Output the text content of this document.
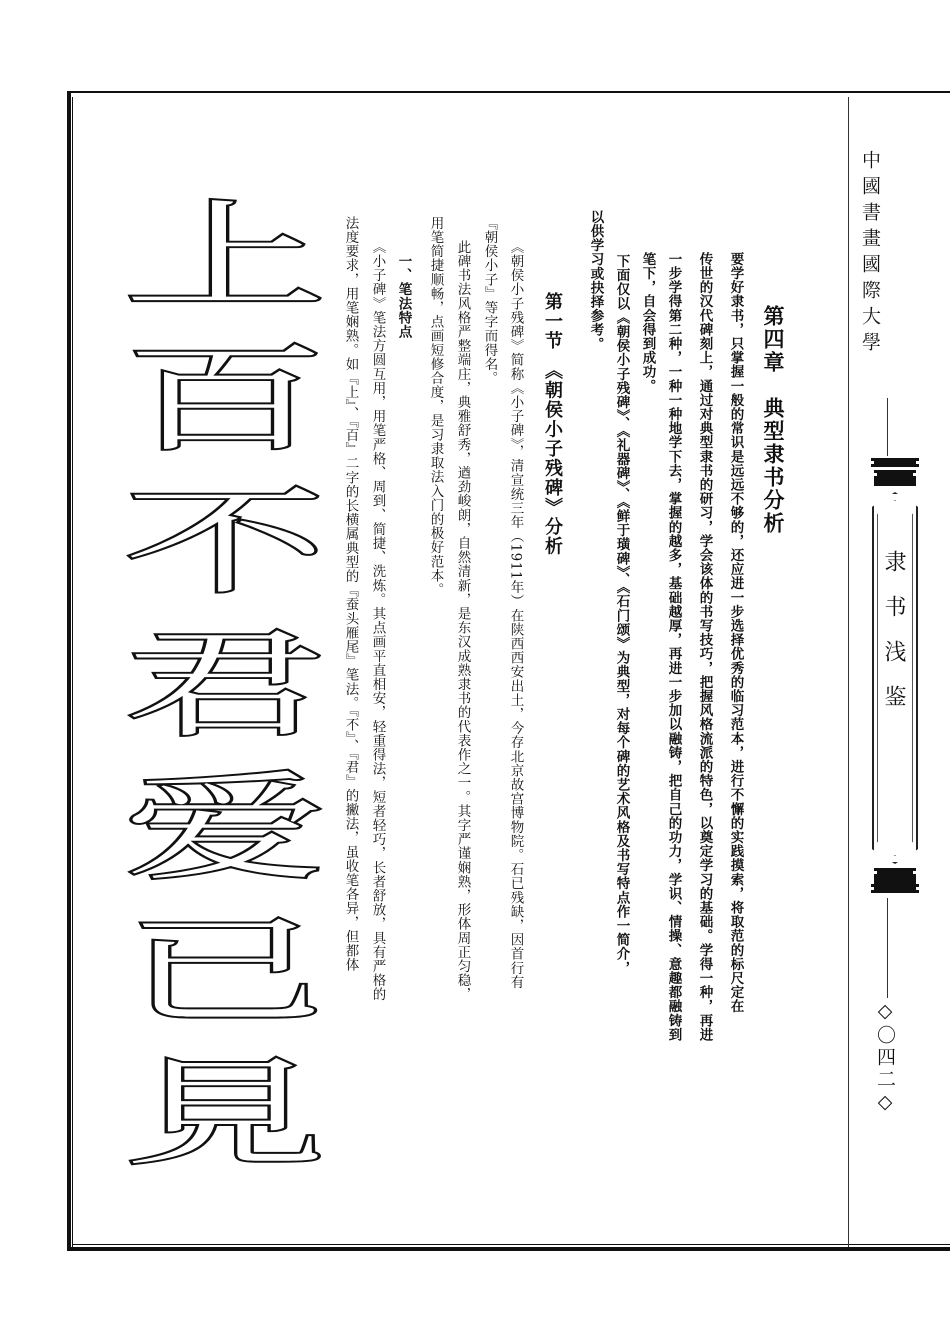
中國書畫國際大學
隶书浅鉴
◇〇四二◇
第四章　典型隶书分析
要学好隶书，只掌握一般的常识是远远不够的，还应进一步选择优秀的临习范本，进行不懈的实践摸索，将取范的标尺定在
传世的汉代碑刻上，通过对典型隶书的研习，学会该体的书写技巧，把握风格流派的特色，以奠定学习的基础。学得一种，再进
一步学得第二种，一种一种地学下去，掌握的越多，基础越厚，再进一步加以融铸，把自己的功力，学识、情操、意趣都融铸到
笔下，自会得到成功。
　下面仅以《朝侯小子残碑》、《礼器碑》、《鲜于璜碑》、《石门颂》为典型，对每个碑的艺术风格及书写特点作一简介，
以供学习或抉择参考。
第一节　《朝侯小子残碑》分析
《朝侯小子残碑》简称《小子碑》，清宣统三年（1911年）在陕西西安出土，今存北京故宫博物院。石已残缺，因首行有
『朝侯小子』等字而得名。
此碑书法风格严整端庄，典雅舒秀，遒劲峻朗，自然清新，是东汉成熟隶书的代表作之一。其字严谨娴熟，形体周正匀稳，
用笔简捷顺畅，点画短修合度，是习隶取法入门的极好范本。
　一、笔法特点
《小子碑》笔法方圆互用，用笔严格、周到、简捷、洗炼。其点画平直相安，轻重得法，短者轻巧，长者舒放，具有严格的
法度要求，用笔娴熟。如『上』、『百』二字的长横属典型的『蚕头雁尾』笔法。『不』、『君』的撇法，虽收笔各异，但都体
上
百
不
君
爱
已
見
